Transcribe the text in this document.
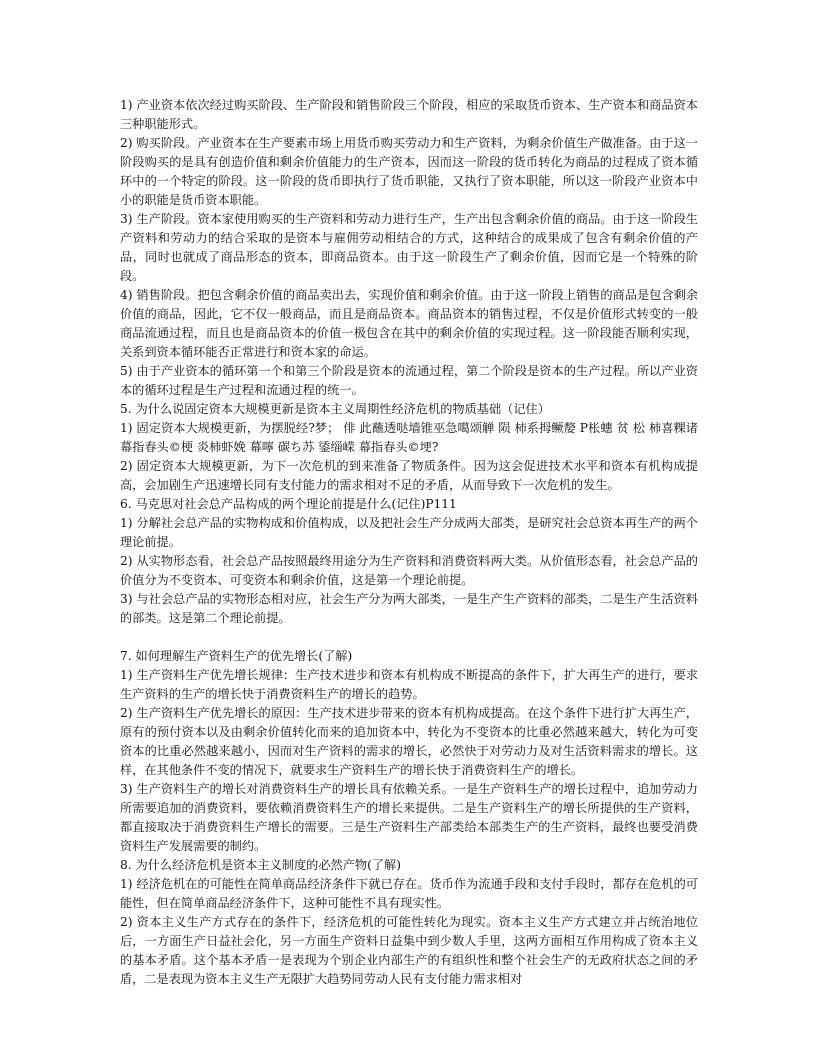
1) 产业资本依次经过购买阶段、生产阶段和销售阶段三个阶段，相应的采取货币资本、生产资本和商品资本三种职能形式。

2) 购买阶段。产业资本在生产要素市场上用货币购买劳动力和生产资料，为剩余价值生产做准备。由于这一阶段购买的是具有创造价值和剩余价值能力的生产资本，因而这一阶段的货币转化为商品的过程成了资本循环中的一个特定的阶段。这一阶段的货币即执行了货币职能，又执行了资本职能，所以这一阶段产业资本中小的职能是货币资本职能。

3) 生产阶段。资本家使用购买的生产资料和劳动力进行生产，生产出包含剩余价值的商品。由于这一阶段生产资料和劳动力的结合采取的是资本与雇佣劳动相结合的方式，这种结合的成果成了包含有剩余价值的产品，同时也就成了商品形态的资本，即商品资本。由于这一阶段生产了剩余价值，因而它是一个特殊的阶段。

4) 销售阶段。把包含剩余价值的商品卖出去，实现价值和剩余价值。由于这一阶段上销售的商品是包含剩余价值的商品，因此，它不仅一般商品，而且是商品资本。商品资本的销售过程，不仅是价值形式转变的一般商品流通过程，而且也是商品资本的价值一极包含在其中的剩余价值的实现过程。这一阶段能否顺利实现，关系到资本循环能否正常进行和资本家的命运。

5) 由于产业资本的循环第一个和第三个阶段是资本的流通过程，第二个阶段是资本的生产过程。所以产业资本的循环过程是生产过程和流通过程的统一。

5. 为什么说固定资本大规模更新是资本主义周期性经济危机的物质基础（记住）

1) 固定资本大规模更新，为摆脱经?梦； 俳 此蘸透哒墙锥巫急噶颂觯 陨 柿系拇鳜嫠 P枨蟪 贫 松 柿喜粿诸幕指春头©梗 炎柿虾娩 幕嚀 碳ち苏 鋈缁嵘 幕指春头©埂?

2) 固定资本大规模更新，为下一次危机的到来准备了物质条件。因为这会促进技术水平和资本有机构成提高，会加剧生产迅速增长同有支付能力的需求相对不足的矛盾，从而导致下一次危机的发生。

6. 马克思对社会总产品构成的两个理论前提是什么(记住)P111

1) 分解社会总产品的实物构成和价值构成，以及把社会生产分成两大部类，是研究社会总资本再生产的两个理论前提。

2) 从实物形态看，社会总产品按照最终用途分为生产资料和消费资料两大类。从价值形态看，社会总产品的价值分为不变资本、可变资本和剩余价值，这是第一个理论前提。

3) 与社会总产品的实物形态相对应，社会生产分为两大部类，一是生产生产资料的部类，二是生产生活资料的部类。这是第二个理论前提。

7. 如何理解生产资料生产的优先增长(了解)

1) 生产资料生产优先增长规律：生产技术进步和资本有机构成不断提高的条件下，扩大再生产的进行，要求生产资料的生产的增长快于消费资料生产的增长的趋势。

2) 生产资料生产优先增长的原因：生产技术进步带来的资本有机构成提高。在这个条件下进行扩大再生产，原有的预付资本以及由剩余价值转化而来的追加资本中，转化为不变资本的比重必然越来越大，转化为可变资本的比重必然越来越小，因而对生产资料的需求的增长，必然快于对劳动力及对生活资料需求的增长。这样，在其他条件不变的情况下，就要求生产资料生产的增长快于消费资料生产的增长。

3) 生产资料生产的增长对消费资料生产的增长具有依赖关系。一是生产资料生产的增长过程中，追加劳动力所需要追加的消费资料，要依赖消费资料生产的增长来提供。二是生产资料生产的增长所提供的生产资料，都直接取决于消费资料生产增长的需要。三是生产资料生产部类给本部类生产的生产资料，最终也要受消费资料生产发展需要的制约。

8. 为什么经济危机是资本主义制度的必然产物(了解)

1) 经济危机在的可能性在简单商品经济条件下就已存在。货币作为流通手段和支付手段时，都存在危机的可能性，但在简单商品经济条件下，这种可能性不具有现实性。

2) 资本主义生产方式存在的条件下，经济危机的可能性转化为现实。资本主义生产方式建立并占统治地位后，一方面生产日益社会化，另一方面生产资料日益集中到少数人手里，这两方面相互作用构成了资本主义的基本矛盾。这个基本矛盾一是表现为个别企业内部生产的有组织性和整个社会生产的无政府状态之间的矛盾，二是表现为资本主义生产无限扩大趋势同劳动人民有支付能力需求相对
